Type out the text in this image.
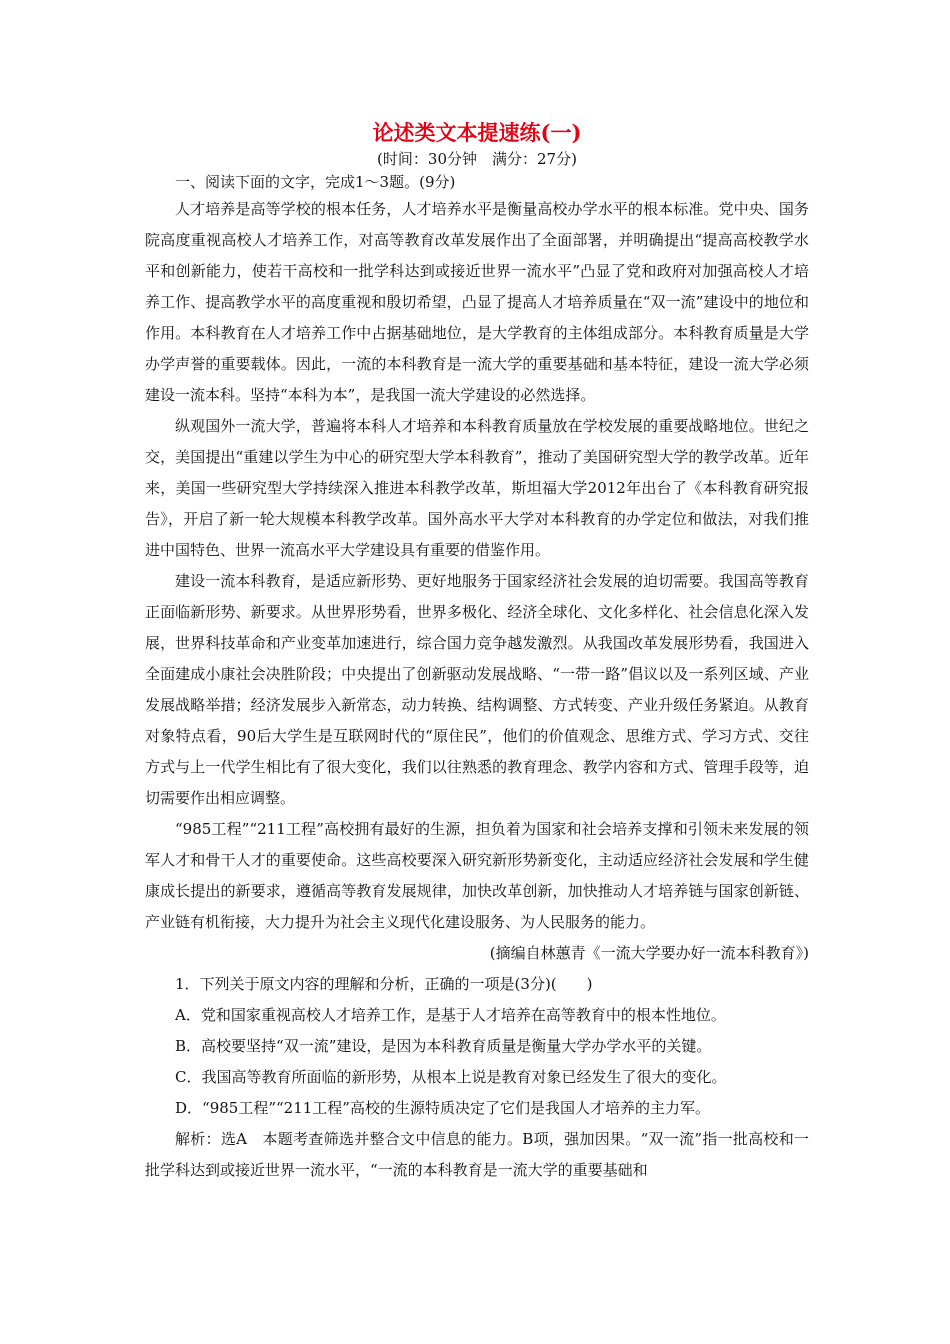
论述类文本提速练(一)

(时间：30分钟　满分：27分)

一、阅读下面的文字，完成1～3题。(9分)

人才培养是高等学校的根本任务，人才培养水平是衡量高校办学水平的根本标准。党中央、国务院高度重视高校人才培养工作，对高等教育改革发展作出了全面部署，并明确提出“提高高校教学水平和创新能力，使若干高校和一批学科达到或接近世界一流水平”凸显了党和政府对加强高校人才培养工作、提高教学水平的高度重视和殷切希望，凸显了提高人才培养质量在“双一流”建设中的地位和作用。本科教育在人才培养工作中占据基础地位，是大学教育的主体组成部分。本科教育质量是大学办学声誉的重要载体。因此，一流的本科教育是一流大学的重要基础和基本特征，建设一流大学必须建设一流本科。坚持“本科为本”，是我国一流大学建设的必然选择。

纵观国外一流大学，普遍将本科人才培养和本科教育质量放在学校发展的重要战略地位。世纪之交，美国提出“重建以学生为中心的研究型大学本科教育”，推动了美国研究型大学的教学改革。近年来，美国一些研究型大学持续深入推进本科教学改革，斯坦福大学2012年出台了《本科教育研究报告》，开启了新一轮大规模本科教学改革。国外高水平大学对本科教育的办学定位和做法，对我们推进中国特色、世界一流高水平大学建设具有重要的借鉴作用。

建设一流本科教育，是适应新形势、更好地服务于国家经济社会发展的迫切需要。我国高等教育正面临新形势、新要求。从世界形势看，世界多极化、经济全球化、文化多样化、社会信息化深入发展，世界科技革命和产业变革加速进行，综合国力竞争越发激烈。从我国改革发展形势看，我国进入全面建成小康社会决胜阶段；中央提出了创新驱动发展战略、“一带一路”倡议以及一系列区域、产业发展战略举措；经济发展步入新常态，动力转换、结构调整、方式转变、产业升级任务紧迫。从教育对象特点看，90后大学生是互联网时代的“原住民”，他们的价值观念、思维方式、学习方式、交往方式与上一代学生相比有了很大变化，我们以往熟悉的教育理念、教学内容和方式、管理手段等，迫切需要作出相应调整。

“985工程”“211工程”高校拥有最好的生源，担负着为国家和社会培养支撑和引领未来发展的领军人才和骨干人才的重要使命。这些高校要深入研究新形势新变化，主动适应经济社会发展和学生健康成长提出的新要求，遵循高等教育发展规律，加快改革创新，加快推动人才培养链与国家创新链、产业链有机衔接，大力提升为社会主义现代化建设服务、为人民服务的能力。

(摘编自林蕙青《一流大学要办好一流本科教育》)

1．下列关于原文内容的理解和分析，正确的一项是(3分)(　　)

A．党和国家重视高校人才培养工作，是基于人才培养在高等教育中的根本性地位。

B．高校要坚持“双一流”建设，是因为本科教育质量是衡量大学办学水平的关键。

C．我国高等教育所面临的新形势，从根本上说是教育对象已经发生了很大的变化。

D．“985工程”“211工程”高校的生源特质决定了它们是我国人才培养的主力军。

解析：选A　本题考查筛选并整合文中信息的能力。B项，强加因果。“双一流”指一批高校和一批学科达到或接近世界一流水平，“一流的本科教育是一流大学的重要基础和
